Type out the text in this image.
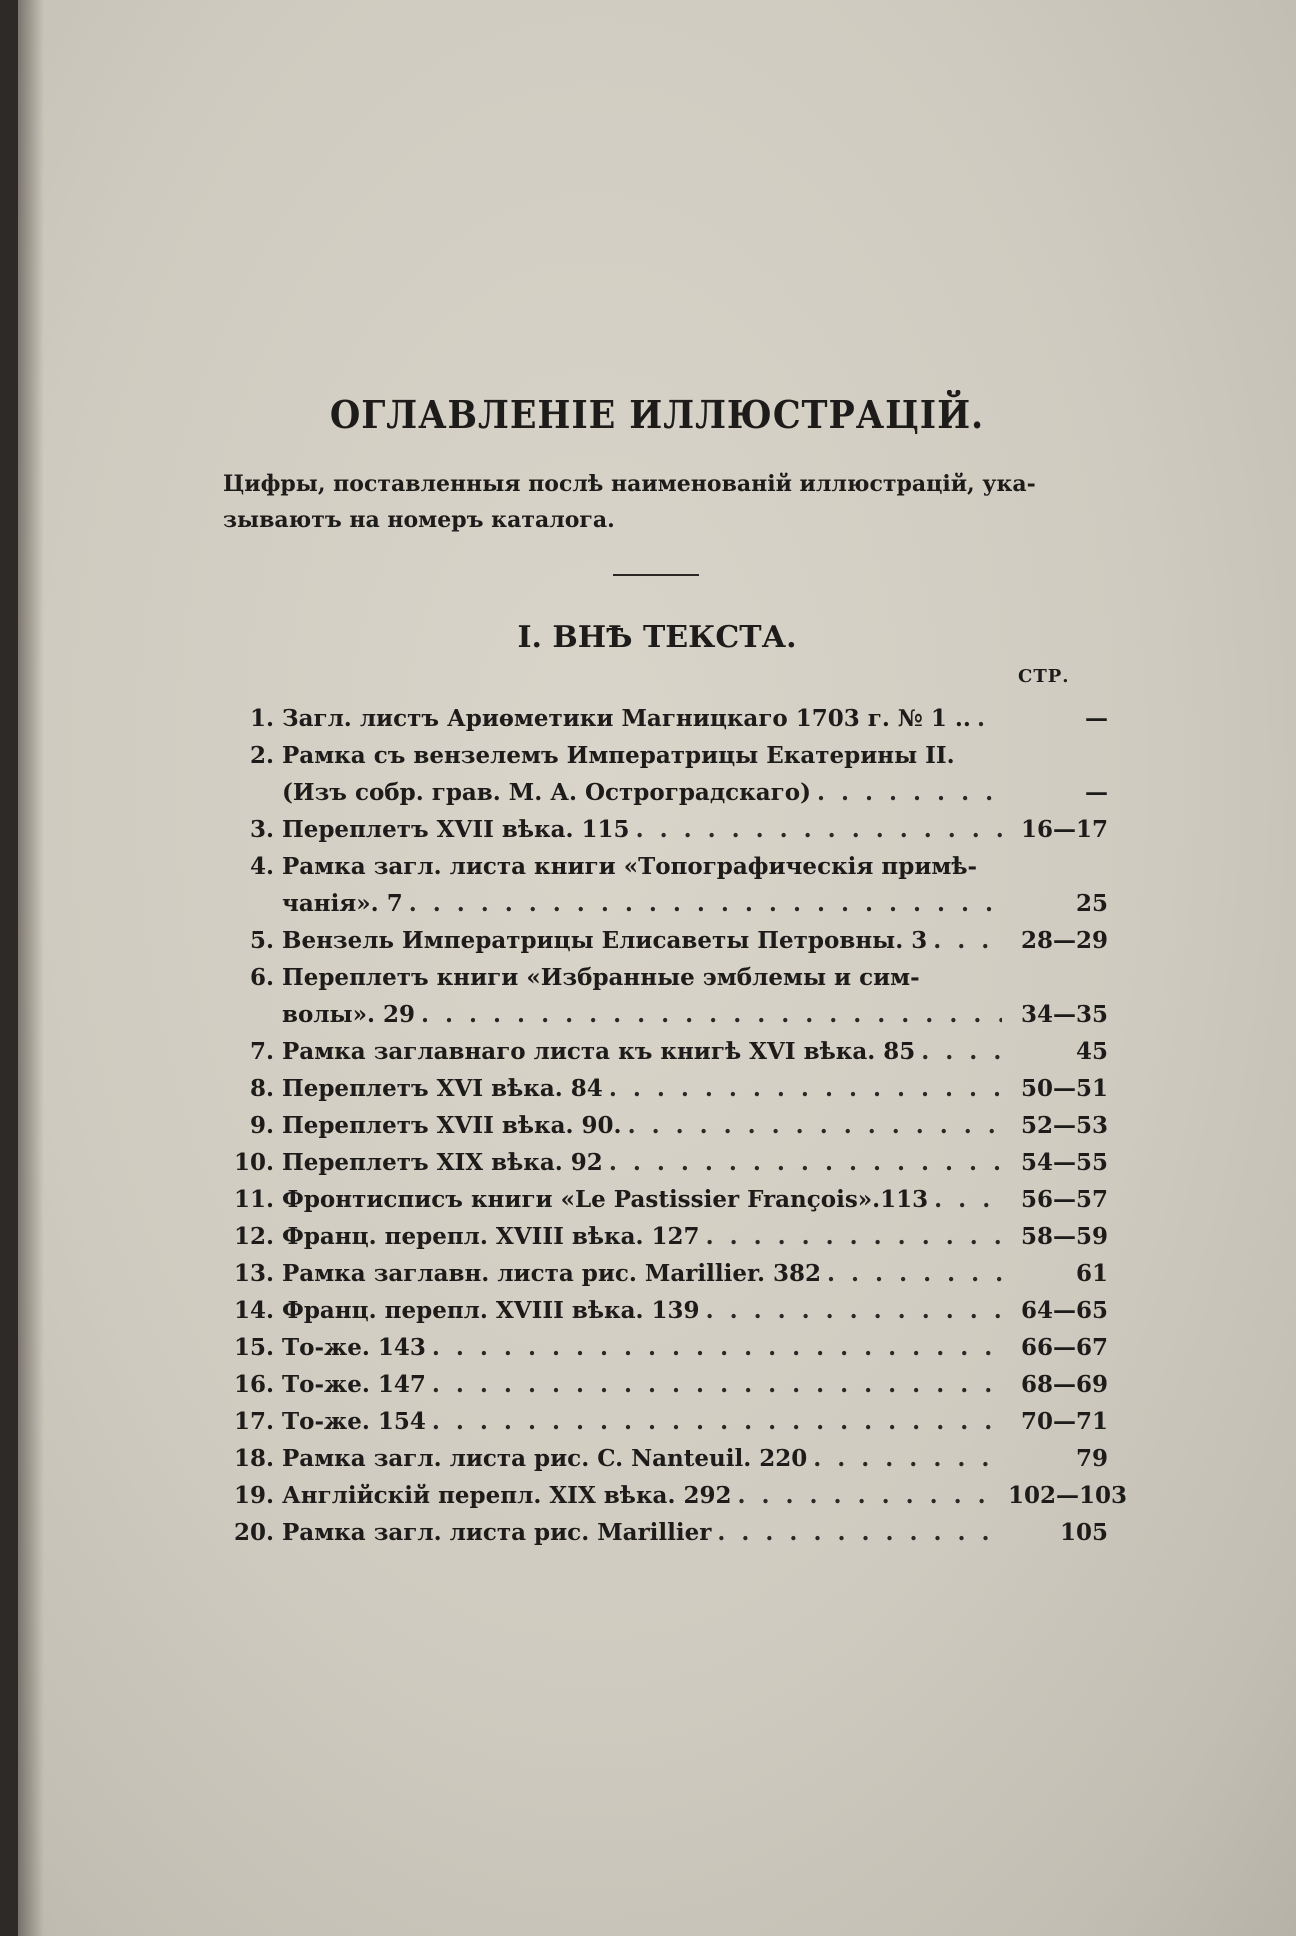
ОГЛАВЛЕНІЕ ИЛЛЮСТРАЦІЙ.
Цифры, поставленныя послѣ наименованій иллюстрацій, ука-

зываютъ на номеръ каталога.
I. ВНѢ ТЕКСТА.
СТР.
1. Загл. листъ Ариѳметики Магницкаго 1703 г. № 1 .. . . .	—
2. Рамка съ вензелемъ Императрицы Екатерины II.
(Изъ собр. грав. М. А. Остроградскаго) . . .	—
3. Переплетъ XVII вѣка. 115 . . .	16—17
4. Рамка загл. листа книги «Топографическія примѣ-
чанія». 7 . . .	25
5. Вензель Императрицы Елисаветы Петровны. 3 . . .	28—29
6. Переплетъ книги «Избранные эмблемы и сим-
волы». 29 . . .	34—35
7. Рамка заглавнаго листа къ книгѣ XVI вѣка. 85 . . .	45
8. Переплетъ XVI вѣка. 84 . . .	50—51
9. Переплетъ XVII вѣка. 90. . . .	52—53
10. Переплетъ XIX вѣка. 92 . . .	54—55
11. Фронтисписъ книги «Le Pastissier François».113 . . .	56—57
12. Франц. перепл. XVIII вѣка. 127 . . .	58—59
13. Рамка заглавн. листа рис. Marillier. 382 . . .	61
14. Франц. перепл. XVIII вѣка. 139 . . .	64—65
15. То-же. 143 . . .	66—67
16. То-же. 147 . . .	68—69
17. То-же. 154 . . .	70—71
18. Рамка загл. листа рис. C. Nanteuil. 220 . . .	79
19. Англійскій перепл. XIX вѣка. 292 . . .	102—103
20. Рамка загл. листа рис. Marillier . . .	105
